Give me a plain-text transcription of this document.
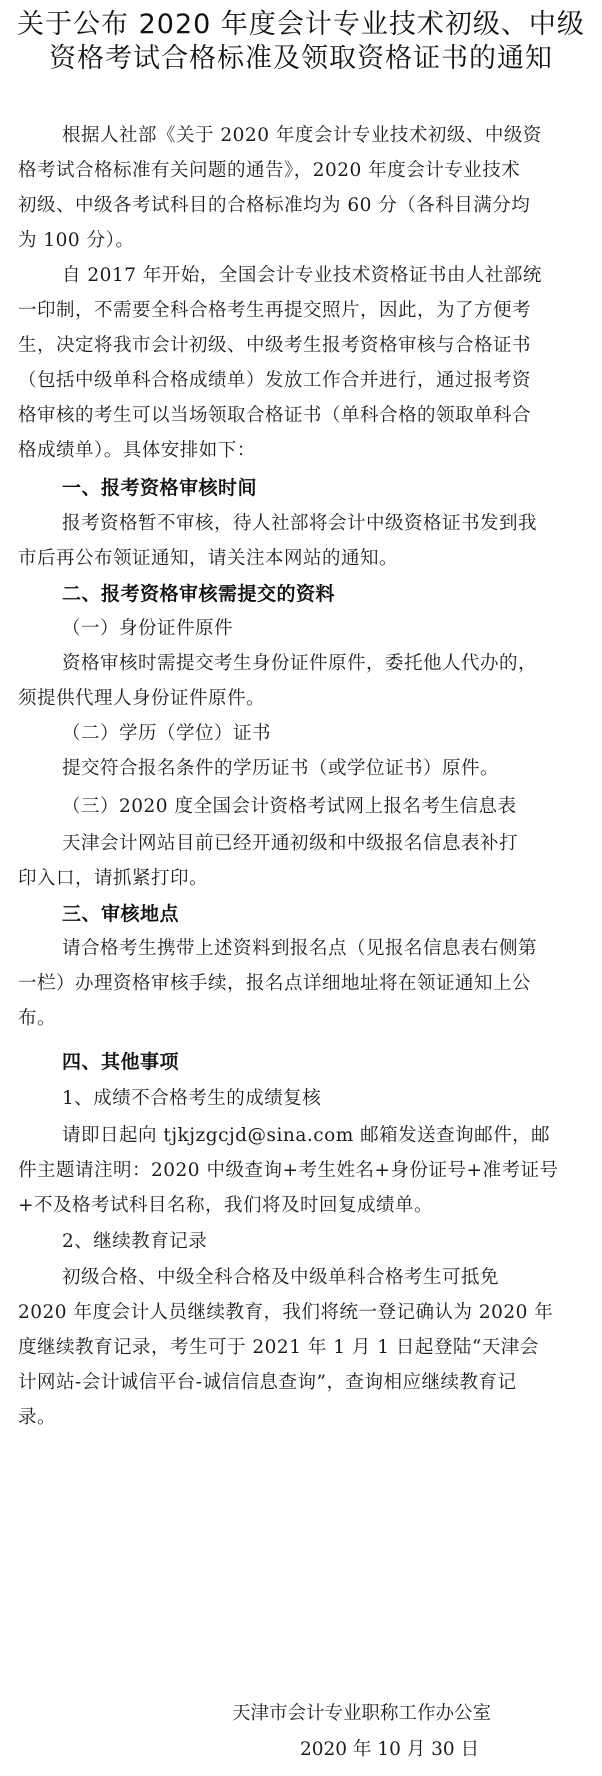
关于公布 2020 年度会计专业技术初级、中级
资格考试合格标准及领取资格证书的通知
根据人社部《关于 2020 年度会计专业技术初级、中级资
格考试合格标准有关问题的通告》，2020 年度会计专业技术
初级、中级各考试科目的合格标准均为 60 分（各科目满分均
为 100 分）。
自 2017 年开始，全国会计专业技术资格证书由人社部统
一印制，不需要全科合格考生再提交照片，因此，为了方便考
生，决定将我市会计初级、中级考生报考资格审核与合格证书
（包括中级单科合格成绩单）发放工作合并进行，通过报考资
格审核的考生可以当场领取合格证书（单科合格的领取单科合
格成绩单）。具体安排如下：
一、报考资格审核时间
报考资格暂不审核，待人社部将会计中级资格证书发到我
市后再公布领证通知，请关注本网站的通知。
二、报考资格审核需提交的资料
（一）身份证件原件
资格审核时需提交考生身份证件原件，委托他人代办的，
须提供代理人身份证件原件。
（二）学历（学位）证书
提交符合报名条件的学历证书（或学位证书）原件。
（三）2020 度全国会计资格考试网上报名考生信息表
天津会计网站目前已经开通初级和中级报名信息表补打
印入口，请抓紧打印。
三、审核地点
请合格考生携带上述资料到报名点（见报名信息表右侧第
一栏）办理资格审核手续，报名点详细地址将在领证通知上公
布。
四、其他事项
1、成绩不合格考生的成绩复核
请即日起向 tjkjzgcjd@sina.com 邮箱发送查询邮件，邮
件主题请注明：2020 中级查询+考生姓名+身份证号+准考证号
+不及格考试科目名称，我们将及时回复成绩单。
2、继续教育记录
初级合格、中级全科合格及中级单科合格考生可抵免
2020 年度会计人员继续教育，我们将统一登记确认为 2020 年
度继续教育记录，考生可于 2021 年 1 月 1 日起登陆“天津会
计网站-会计诚信平台-诚信信息查询”，查询相应继续教育记
录。
天津市会计专业职称工作办公室
2020 年 10 月 30 日
